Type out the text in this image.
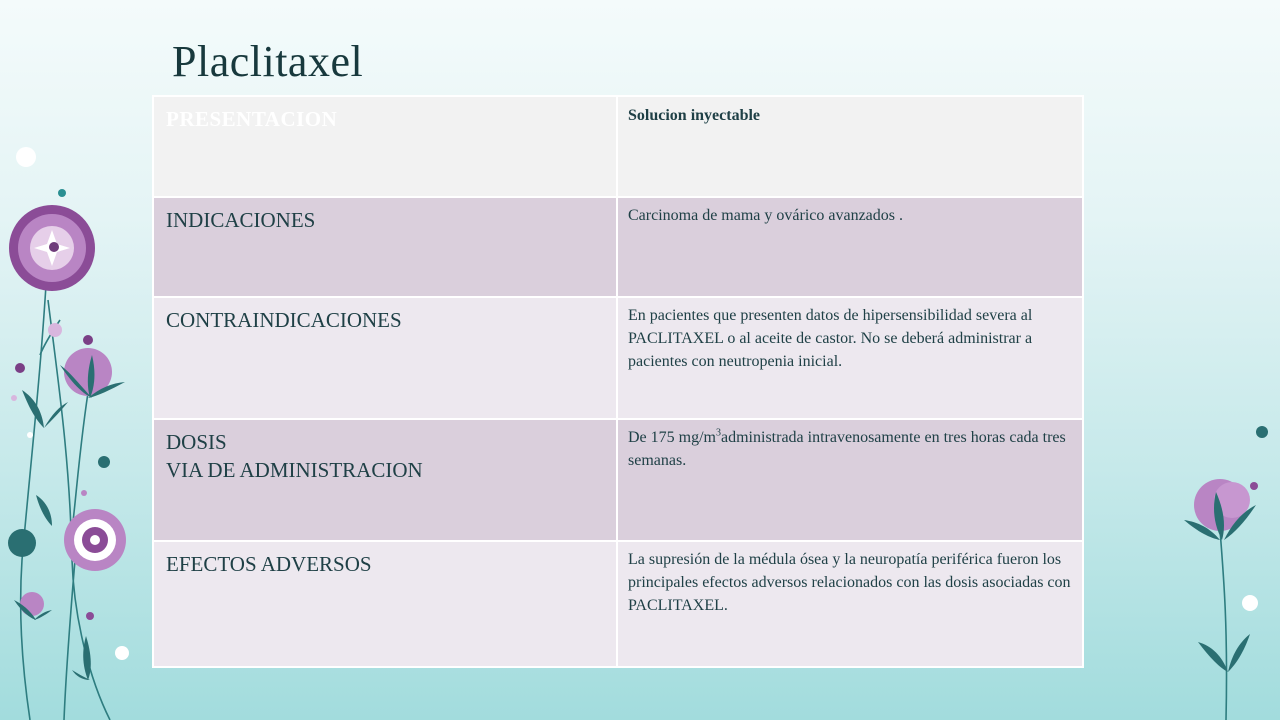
Placlitaxel
PRESENTACION	Solucion inyectable
INDICACIONES	Carcinoma de mama y ovárico avanzados .
CONTRAINDICACIONES	En pacientes que presenten datos de hipersensibilidad severa al PACLITAXEL o al aceite de castor. No se deberá administrar a pacientes con neutropenia inicial.

DOSIS
VIA DE ADMINISTRACION	De 175 $mg/m^3administrada$ intravenosamente en tres horas cada tres semanas.
EFECTOS ADVERSOS	La supresión de la médula ósea y la neuropatía periférica fueron los principales efectos adversos relacionados con las dosis asociadas con PACLITAXEL.
